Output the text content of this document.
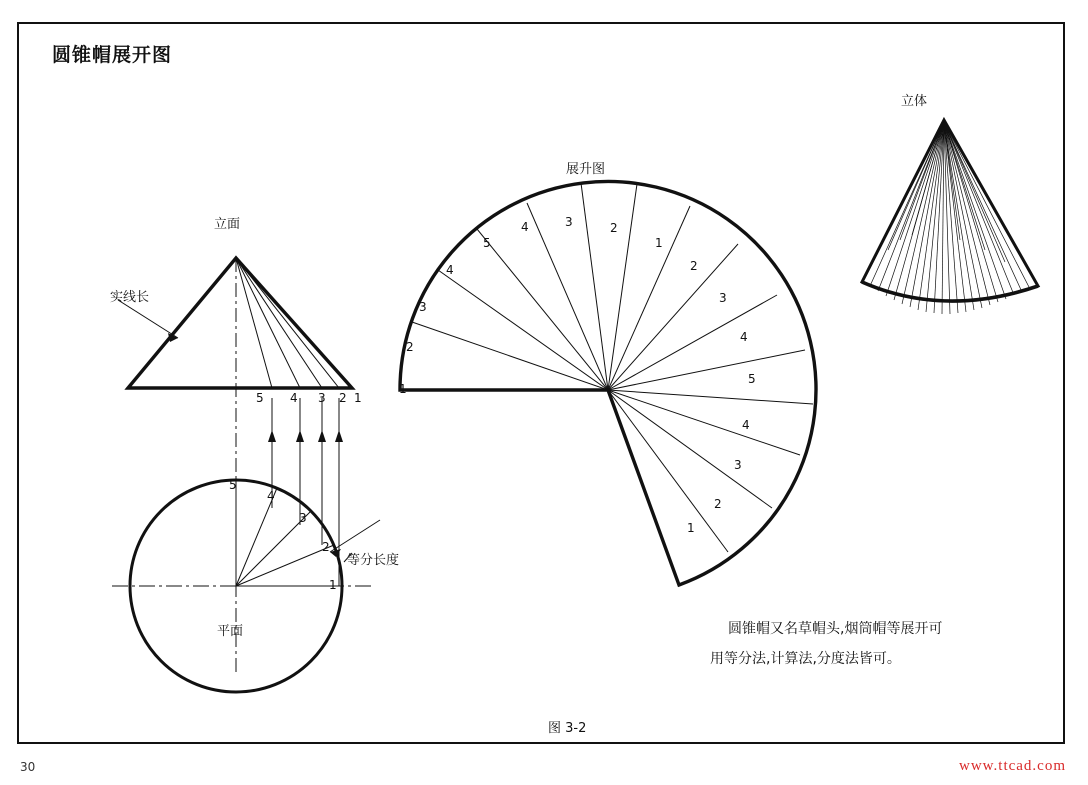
圆锥帽展开图
立面
实线长
5 4 3 2 1
5
4
3
2
1
等分长度
平面
展升图
1
2
3
4
5
4	3	2
1
2
3
4
5
4
3
2
1
立体
圆锥帽又名草帽头,烟筒帽等展开可
用等分法,计算法,分度法皆可。
图 3-2
30	www.ttcad.com
